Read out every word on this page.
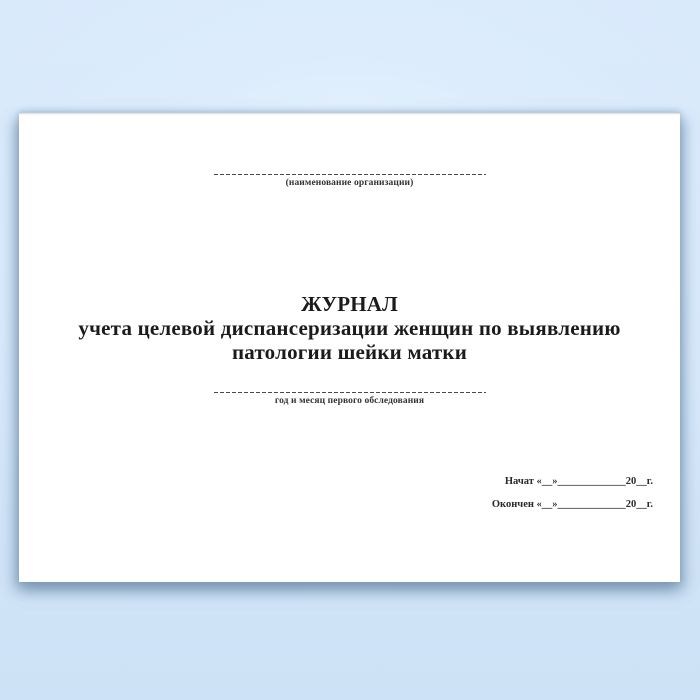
(наименование организации)
ЖУРНАЛ
учета целевой диспансеризации женщин по выявлению
патологии шейки матки
год и месяц первого обследования
Начат «__»_____________20__г.
Окончен «__»_____________20__г.
